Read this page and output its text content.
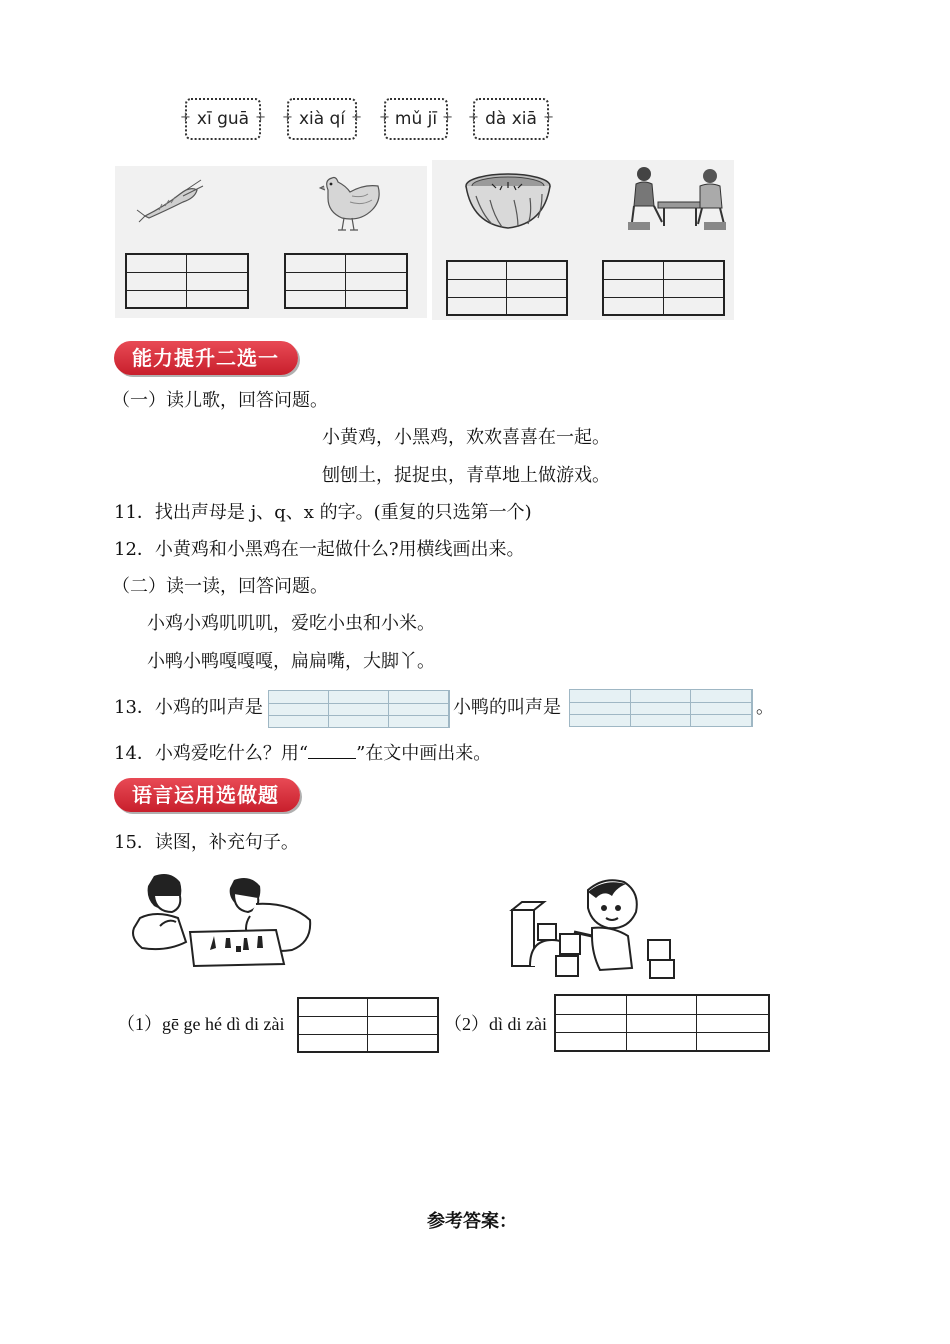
+ xī guā +	+ xià qí +	+ mǔ jī +	+ dà xiā +
能力提升二选一
（一）读儿歌，回答问题。
小黄鸡，小黑鸡，欢欢喜喜在一起。
刨刨土，捉捉虫，青草地上做游戏。
11．找出声母是 j、q、x 的字。(重复的只选第一个)
12．小黄鸡和小黑鸡在一起做什么?用横线画出来。
（二）读一读，回答问题。
小鸡小鸡叽叽叽，爱吃小虫和小米。
小鸭小鸭嘎嘎嘎，扁扁嘴，大脚丫。
13．小鸡的叫声是	小鸭的叫声是	。
14．小鸡爱吃什么？用“	”在文中画出来。
语言运用选做题
15．读图，补充句子。
（1）gē ge hé dì di zài	（2）dì di zài
参考答案：
